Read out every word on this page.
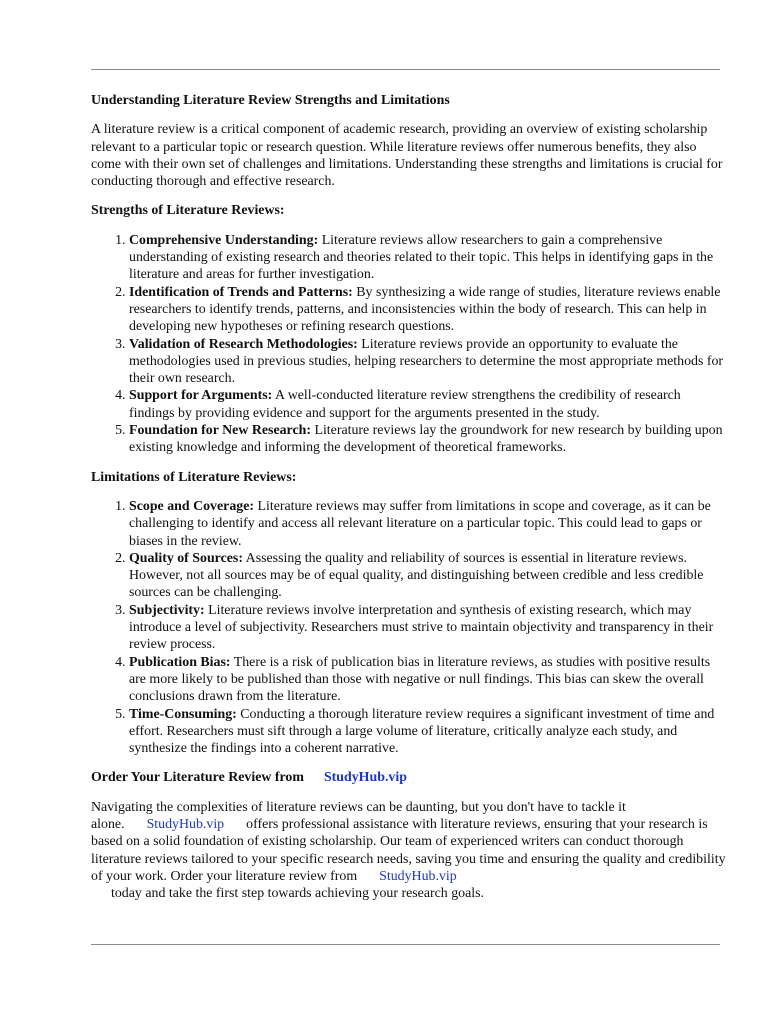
Understanding Literature Review Strengths and Limitations
A literature review is a critical component of academic research, providing an overview of existing scholarship relevant to a particular topic or research question. While literature reviews offer numerous benefits, they also come with their own set of challenges and limitations. Understanding these strengths and limitations is crucial for conducting thorough and effective research.
Strengths of Literature Reviews:
1. Comprehensive Understanding: Literature reviews allow researchers to gain a comprehensive understanding of existing research and theories related to their topic. This helps in identifying gaps in the literature and areas for further investigation.
2. Identification of Trends and Patterns: By synthesizing a wide range of studies, literature reviews enable researchers to identify trends, patterns, and inconsistencies within the body of research. This can help in developing new hypotheses or refining research questions.
3. Validation of Research Methodologies: Literature reviews provide an opportunity to evaluate the methodologies used in previous studies, helping researchers to determine the most appropriate methods for their own research.
4. Support for Arguments: A well-conducted literature review strengthens the credibility of research findings by providing evidence and support for the arguments presented in the study.
5. Foundation for New Research: Literature reviews lay the groundwork for new research by building upon existing knowledge and informing the development of theoretical frameworks.
Limitations of Literature Reviews:
1. Scope and Coverage: Literature reviews may suffer from limitations in scope and coverage, as it can be challenging to identify and access all relevant literature on a particular topic. This could lead to gaps or biases in the review.
2. Quality of Sources: Assessing the quality and reliability of sources is essential in literature reviews. However, not all sources may be of equal quality, and distinguishing between credible and less credible sources can be challenging.
3. Subjectivity: Literature reviews involve interpretation and synthesis of existing research, which may introduce a level of subjectivity. Researchers must strive to maintain objectivity and transparency in their review process.
4. Publication Bias: There is a risk of publication bias in literature reviews, as studies with positive results are more likely to be published than those with negative or null findings. This bias can skew the overall conclusions drawn from the literature.
5. Time-Consuming: Conducting a thorough literature review requires a significant investment of time and effort. Researchers must sift through a large volume of literature, critically analyze each study, and synthesize the findings into a coherent narrative.
Order Your Literature Review from StudyHub.vip
Navigating the complexities of literature reviews can be daunting, but you don't have to tackle it alone. StudyHub.vip offers professional assistance with literature reviews, ensuring that your research is based on a solid foundation of existing scholarship. Our team of experienced writers can conduct thorough literature reviews tailored to your specific research needs, saving you time and ensuring the quality and credibility of your work. Order your literature review from StudyHub.vip
today and take the first step towards achieving your research goals.
